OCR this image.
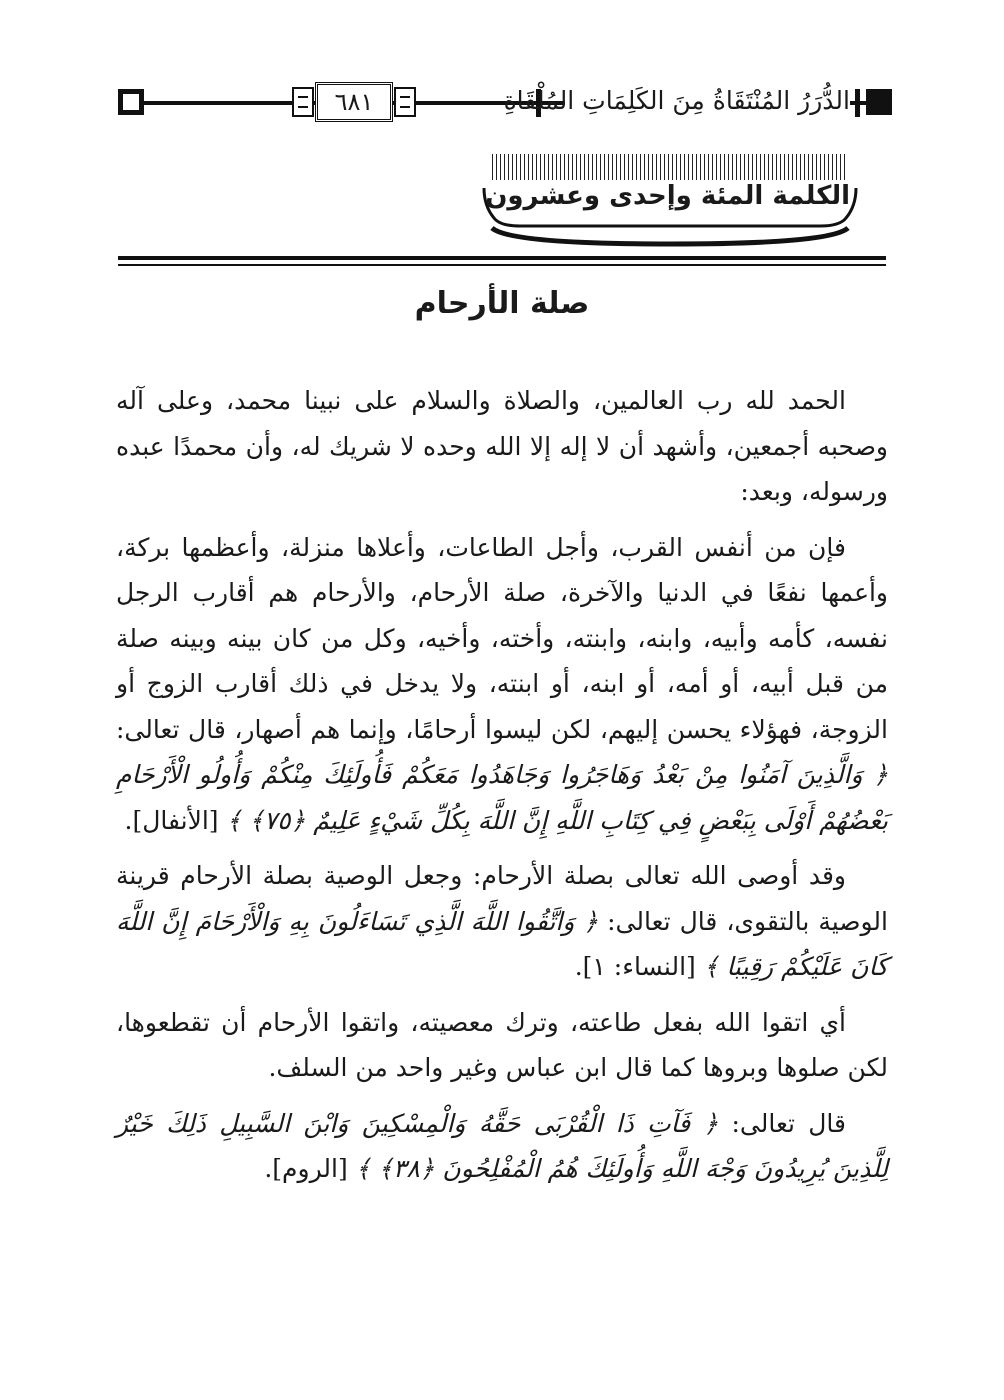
٦٨١	الدُّرَرُ المُنْتَقَاةُ مِنَ الكَلِمَاتِ المُلْقَاةِ
الكلمة المئة وإحدى وعشرون
صلة الأرحام

الحمد لله رب العالمين، والصلاة والسلام على نبينا محمد، وعلى آله وصحبه أجمعين، وأشهد أن لا إله إلا الله وحده لا شريك له، وأن محمدًا عبده ورسوله، وبعد:

فإن من أنفس القرب، وأجل الطاعات، وأعلاها منزلة، وأعظمها بركة، وأعمها نفعًا في الدنيا والآخرة، صلة الأرحام، والأرحام هم أقارب الرجل نفسه، كأمه وأبيه، وابنه، وابنته، وأخته، وأخيه، وكل من كان بينه وبينه صلة من قبل أبيه، أو أمه، أو ابنه، أو ابنته، ولا يدخل في ذلك أقارب الزوج أو الزوجة، فهؤلاء يحسن إليهم، لكن ليسوا أرحامًا، وإنما هم أصهار، قال تعالى: ﴿ وَالَّذِينَ آمَنُوا مِنْ بَعْدُ وَهَاجَرُوا وَجَاهَدُوا مَعَكُمْ فَأُولَئِكَ مِنْكُمْ وَأُولُو الْأَرْحَامِ بَعْضُهُمْ أَوْلَى بِبَعْضٍ فِي كِتَابِ اللَّهِ إِنَّ اللَّهَ بِكُلِّ شَيْءٍ عَلِيمٌ ﴿٧٥﴾ ﴾ [الأنفال].

وقد أوصى الله تعالى بصلة الأرحام: وجعل الوصية بصلة الأرحام قرينة الوصية بالتقوى، قال تعالى: ﴿ وَاتَّقُوا اللَّهَ الَّذِي تَسَاءَلُونَ بِهِ وَالْأَرْحَامَ إِنَّ اللَّهَ كَانَ عَلَيْكُمْ رَقِيبًا ﴾ [النساء: ١].

أي اتقوا الله بفعل طاعته، وترك معصيته، واتقوا الأرحام أن تقطعوها، لكن صلوها وبروها كما قال ابن عباس وغير واحد من السلف.

قال تعالى: ﴿ فَآتِ ذَا الْقُرْبَى حَقَّهُ وَالْمِسْكِينَ وَابْنَ السَّبِيلِ ذَلِكَ خَيْرٌ لِلَّذِينَ يُرِيدُونَ وَجْهَ اللَّهِ وَأُولَئِكَ هُمُ الْمُفْلِحُونَ ﴿٣٨﴾ ﴾ [الروم].
